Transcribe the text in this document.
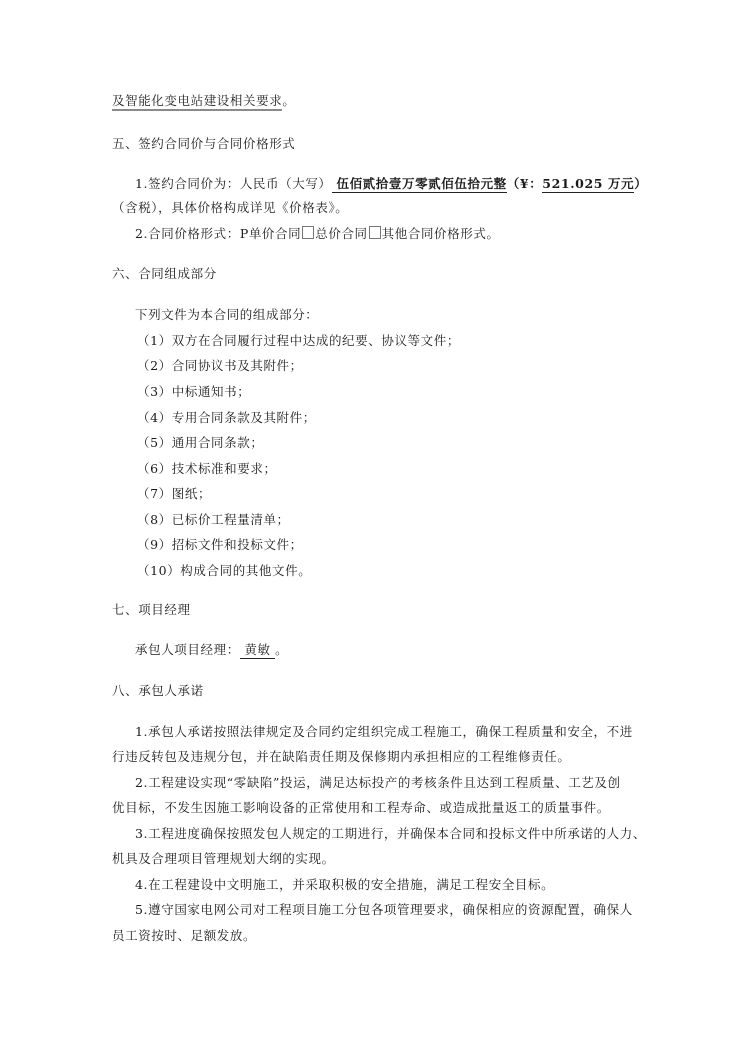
及智能化变电站建设相关要求。
五、签约合同价与合同价格形式
1.签约合同价为：人民币（大写） 伍佰贰拾壹万零贰佰伍拾元整（¥：521.025 万元）
（含税），具体价格构成详见《价格表》。
2.合同价格形式：P单价合同 总价合同 其他合同价格形式。
六、合同组成部分
下列文件为本合同的组成部分：
（1）双方在合同履行过程中达成的纪要、协议等文件；
（2）合同协议书及其附件；
（3）中标通知书；
（4）专用合同条款及其附件；
（5）通用合同条款；
（6）技术标准和要求；
（7）图纸；
（8）已标价工程量清单；
（9）招标文件和投标文件；
（10）构成合同的其他文件。
七、项目经理
承包人项目经理： 黄敏 。
八、承包人承诺
1.承包人承诺按照法律规定及合同约定组织完成工程施工，确保工程质量和安全，不进
行违反转包及违规分包，并在缺陷责任期及保修期内承担相应的工程维修责任。
2.工程建设实现“零缺陷”投运，满足达标投产的考核条件且达到工程质量、工艺及创
优目标，不发生因施工影响设备的正常使用和工程寿命、或造成批量返工的质量事件。
3.工程进度确保按照发包人规定的工期进行，并确保本合同和投标文件中所承诺的人力、
机具及合理项目管理规划大纲的实现。
4.在工程建设中文明施工，并采取积极的安全措施，满足工程安全目标。
5.遵守国家电网公司对工程项目施工分包各项管理要求，确保相应的资源配置，确保人
员工资按时、足额发放。
